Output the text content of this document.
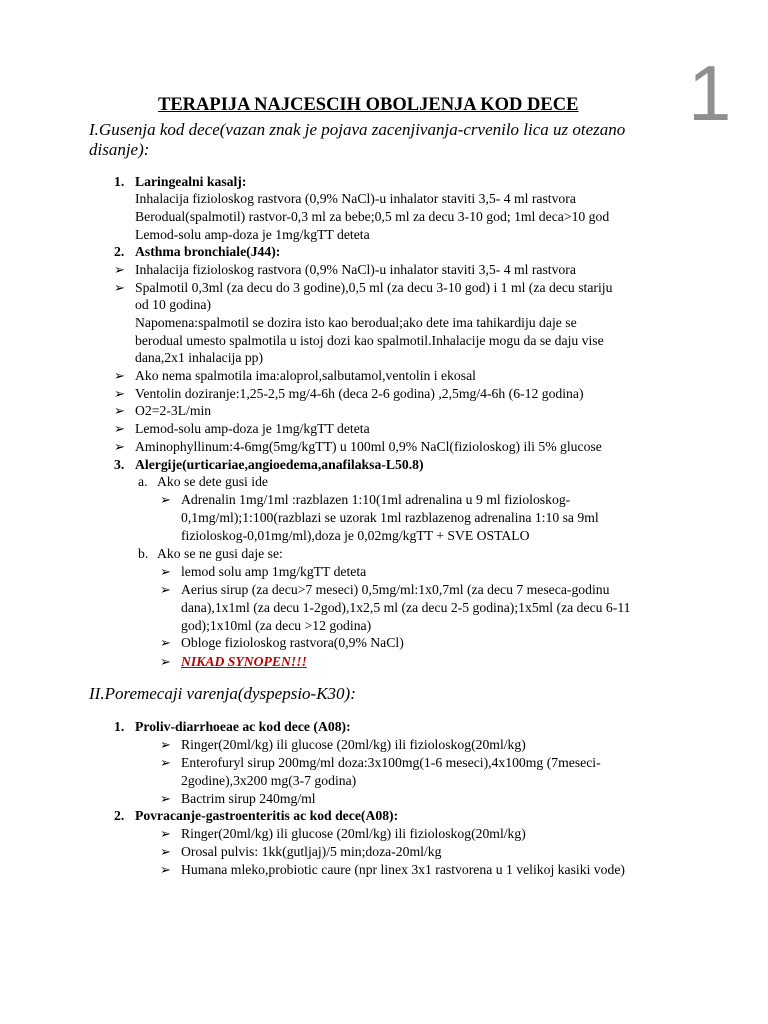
1
TERAPIJA NAJCESCIH OBOLJENJA KOD DECE
I.Gusenja kod dece(vazan znak je pojava zacenjivanja-crvenilo lica uz otezano
disanje):
1. Laringealni kasalj:
Inhalacija fizioloskog rastvora (0,9% NaCl)-u inhalator staviti 3,5- 4 ml rastvora
Berodual(spalmotil) rastvor-0,3 ml za bebe;0,5 ml za decu 3-10 god; 1ml deca>10 god
Lemod-solu amp-doza je 1mg/kgTT deteta
2. Asthma bronchiale(J44):
➢ Inhalacija fizioloskog rastvora (0,9% NaCl)-u inhalator staviti 3,5- 4 ml rastvora
➢ Spalmotil 0,3ml (za decu do 3 godine),0,5 ml (za decu 3-10 god) i 1 ml (za decu stariju
od 10 godina)
Napomena:spalmotil se dozira isto kao berodual;ako dete ima tahikardiju daje se
berodual umesto spalmotila u istoj dozi kao spalmotil.Inhalacije mogu da se daju vise
dana,2x1 inhalacija pp)
➢ Ako nema spalmotila ima:aloprol,salbutamol,ventolin i ekosal
➢ Ventolin doziranje:1,25-2,5 mg/4-6h (deca 2-6 godina) ,2,5mg/4-6h (6-12 godina)
➢ O2=2-3L/min
➢ Lemod-solu amp-doza je 1mg/kgTT deteta
➢ Aminophyllinum:4-6mg(5mg/kgTT) u 100ml 0,9% NaCl(fizioloskog) ili 5% glucose
3. Alergije(urticariae,angioedema,anafilaksa-L50.8)
a. Ako se dete gusi ide
➢ Adrenalin 1mg/1ml :razblazen 1:10(1ml adrenalina u 9 ml fizioloskog-
0,1mg/ml);1:100(razblazi se uzorak 1ml razblazenog adrenalina 1:10 sa 9ml
fizioloskog-0,01mg/ml),doza je 0,02mg/kgTT + SVE OSTALO
b. Ako se ne gusi daje se:
➢ lemod solu amp 1mg/kgTT deteta
➢ Aerius sirup (za decu>7 meseci) 0,5mg/ml:1x0,7ml (za decu 7 meseca-godinu
dana),1x1ml (za decu 1-2god),1x2,5 ml (za decu 2-5 godina);1x5ml (za decu 6-11
god);1x10ml (za decu >12 godina)
➢ Obloge fizioloskog rastvora(0,9% NaCl)
➢ NIKAD SYNOPEN!!!
II.Poremecaji varenja(dyspepsio-K30):
1. Proliv-diarrhoeae ac kod dece (A08):
➢ Ringer(20ml/kg) ili glucose (20ml/kg) ili fizioloskog(20ml/kg)
➢ Enterofuryl sirup 200mg/ml doza:3x100mg(1-6 meseci),4x100mg (7meseci-
2godine),3x200 mg(3-7 godina)
➢ Bactrim sirup 240mg/ml
2. Povracanje-gastroenteritis ac kod dece(A08):
➢ Ringer(20ml/kg) ili glucose (20ml/kg) ili fizioloskog(20ml/kg)
➢ Orosal pulvis: 1kk(gutljaj)/5 min;doza-20ml/kg
➢ Humana mleko,probiotic caure (npr linex 3x1 rastvorena u 1 velikoj kasiki vode)
